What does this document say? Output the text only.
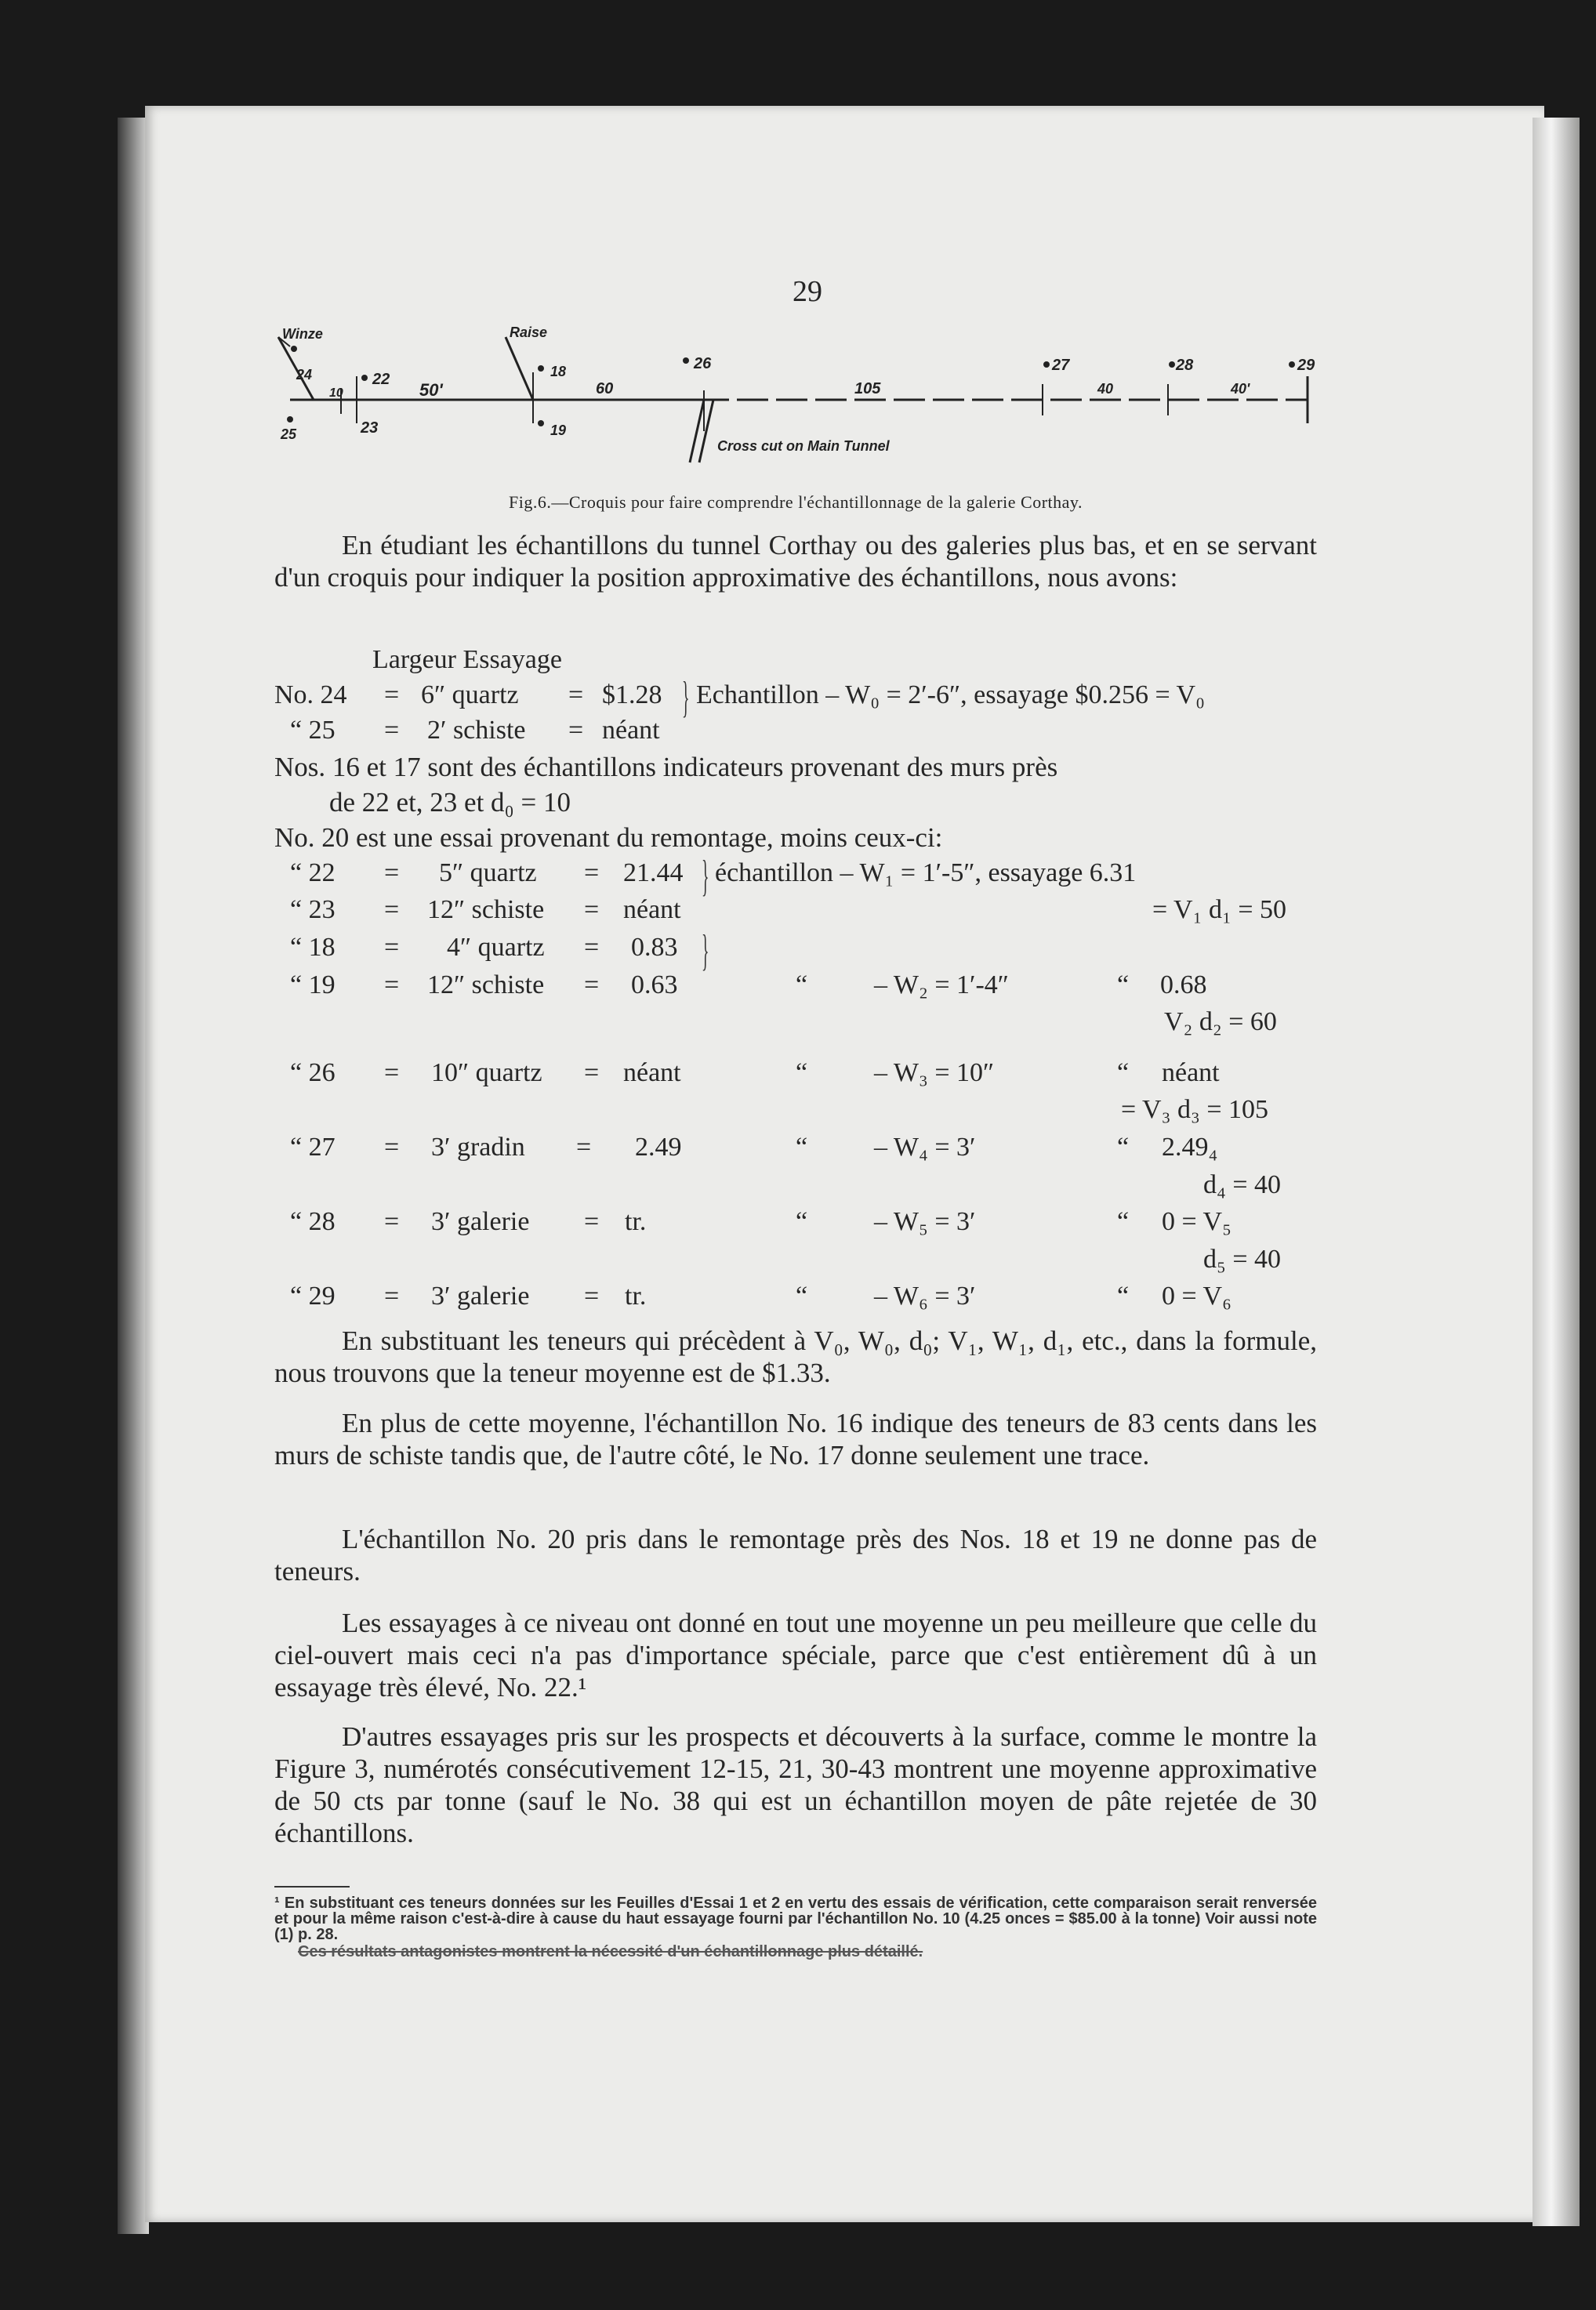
29
Winze
24
25
10
22
23
50'
Raise
18
19
60
26
105
Cross cut on Main Tunnel
27
40
28
40'
29
Fig.6.—Croquis pour faire comprendre l'échantillonnage de la galerie Corthay.
En étudiant les échantillons du tunnel Corthay ou des galeries plus bas, et en se servant d'un croquis pour indiquer la position approximative des échantillons, nous avons:
Largeur Essayage
No. 24 = 6″ quartz = $1.28 Echantillon – W₀ = 2′-6″, essayage $0.256 = V₀
}
“ 25 = 2′ schiste = néant
Nos. 16 et 17 sont des échantillons indicateurs provenant des murs près
de 22 et, 23 et d₀ = 10
No. 20 est une essai provenant du remontage, moins ceux-ci:
“ 22 = 5″ quartz = 21.44 échantillon – W₁ = 1′-5″, essayage 6.31
}
“ 23 = 12″ schiste = néant	= V₁ d₁ = 50
“ 18 = 4″ quartz = 0.83 }
“ 19 = 12″ schiste = 0.63	“ – W₂ = 1′-4″	“ 0.68
V₂ d₂ = 60
“ 26 = 10″ quartz = néant	“ – W₃ = 10″	“ néant
= V₃ d₃ = 105
“ 27 = 3′ gradin = 2.49	“ – W₄ = 3′	“ 2.49₄
d₄ = 40
“ 28 = 3′ galerie = tr.	“ – W₅ = 3′	“ 0 = V₅
d₅ = 40
“ 29 = 3′ galerie = tr.	“ – W₆ = 3′	“ 0 = V₆
En substituant les teneurs qui précèdent à V₀, W₀, d₀; V₁, W₁, d₁, etc., dans la formule, nous trouvons que la teneur moyenne est de $1.33.
En plus de cette moyenne, l'échantillon No. 16 indique des teneurs de 83 cents dans les murs de schiste tandis que, de l'autre côté, le No. 17 donne seulement une trace.
L'échantillon No. 20 pris dans le remontage près des Nos. 18 et 19 ne donne pas de teneurs.
Les essayages à ce niveau ont donné en tout une moyenne un peu meilleure que celle du ciel-ouvert mais ceci n'a pas d'importance spéciale, parce que c'est entièrement dû à un essayage très élevé, No. 22.¹
D'autres essayages pris sur les prospects et découverts à la surface, comme le montre la Figure 3, numérotés consécutivement 12-15, 21, 30-43 montrent une moyenne approximative de 50 cts par tonne (sauf le No. 38 qui est un échantillon moyen de pâte rejetée de 30 échantillons.
¹ En substituant ces teneurs données sur les Feuilles d'Essai 1 et 2 en vertu des essais de vérification, cette comparaison serait renversée et pour la même raison c'est-à-dire à cause du haut essayage fourni par l'échantillon No. 10 (4.25 onces = $85.00 à la tonne) Voir aussi note (1) p. 28.
Ces résultats antagonistes montrent la nécessité d'un échantillonnage plus détaillé.
